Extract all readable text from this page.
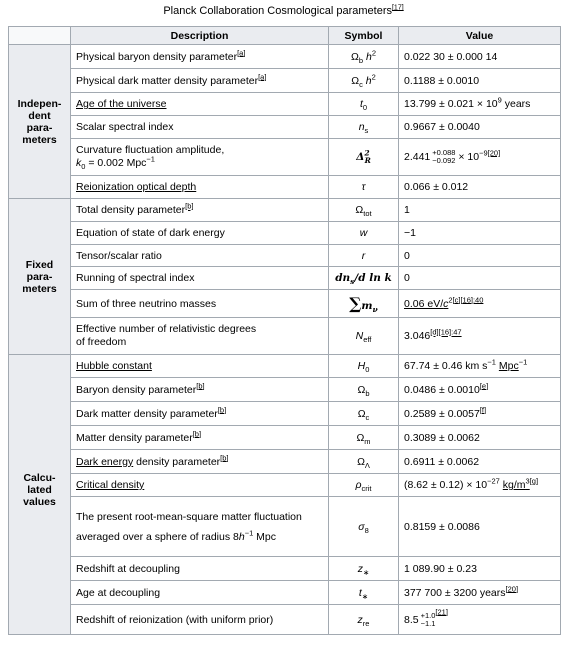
Planck Collaboration Cosmological parameters[17]
	Description	Symbol	Value
Indepen-
dent
para-
meters	Physical baryon density parameter[a]	$\Omega_b$ $h^2$	0.022 30 ± 0.000 14
	Physical dark matter density parameter[a]	$\Omega_c$ $h^2$	0.1188 ± 0.0010
	Age of the universe	$t_0$	$13.799 \pm 0.021 \times 10^9$ years
	Scalar spectral index	$n_s$	0.9667 ± 0.0040
	Curvature fluctuation amplitude,
$k_0 = 0.002$ Mpc$^{-1}$	$\Delta^2_R$	2.441 +0.088
$-0.092 \times 10^{-9[20]}$
	Reionization optical depth	τ	0.066 ± 0.012
Fixed
para-
meters	Total density parameter[b]	$\Omega_{tot}$	1
	Equation of state of dark energy	w	−1
	Tensor/scalar ratio	r	0
	Running of spectral index	$dn_s/d$ ln k	0
	Sum of three neutrino masses	$\sum m_\nu$	0.06 $eV/c^{2[c][16]:40}$
	Effective number of relativistic degrees
of freedom	$N_{eff}$	$3.046^{[d][16]:47}$
Calcu-
lated
values	Hubble constant	$H_0$	67.74 ± 0.46 km $s^{-1}$ Mpc$^{-1}$
	Baryon density parameter[b]	$\Omega_b$	0.0486 ± 0.0010[e]
	Dark matter density parameter[b]	$\Omega_c$	0.2589 ± 0.0057[f]
	Matter density parameter[b]	$\Omega_m$	0.3089 ± 0.0062
	Dark energy density parameter[b]	$\Omega_\Lambda$	0.6911 ± 0.0062
	Critical density	$\rho_{crit}$	$(8.62 \pm 0.12) \times 10^{-27}$ $kg/m^{3[g]}$
	The present root-mean-square matter fluctuation
averaged over a sphere of radius $8h^{-1}$ Mpc	$\sigma_8$	0.8159 ± 0.0086
	Redshift at decoupling	$z_∗$	1 089.90 ± 0.23
	Age at decoupling	$t_∗$	377 700 ± 3200 years[20]
	Redshift of reionization (with uniform prior)	$z_{re}$	8.5 +1.0[21]
−1.1
